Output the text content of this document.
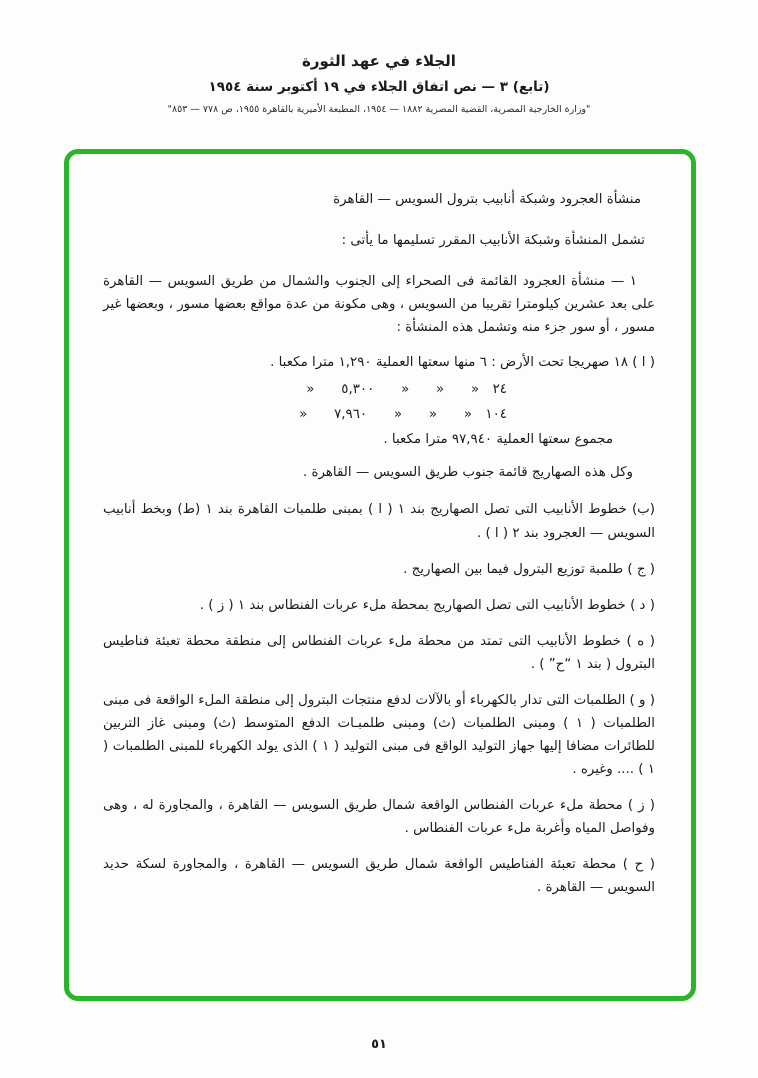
الجلاء في عهد الثورة
(تابع) ٣ — نص اتفاق الجلاء في ١٩ أكتوبر سنة ١٩٥٤
"وزارة الخارجية المصرية، القضية المصرية ١٨٨٢ — ١٩٥٤، المطبعة الأميرية بالقاهرة ١٩٥٥، ص ٧٧٨ — ٨٥٣"

منشأة العجرود وشبكة أنابيب بترول السويس — القاهرة

تشمل المنشأة وشبكة الأنابيب المقرر تسليمها ما يأتى :

١ — منشأة العجرود القائمة فى الصحراء إلى الجنوب والشمال من طريق السويس — القاهرة على بعد عشرين كيلومترا تقريبا من السويس ، وهى مكونة من عدة مواقع بعضها مسور ، وبعضها غير مسور ، أو سور جزء منه وتشمل هذه المنشأة :

( ا ) ١٨ صهريجا تحت الأرض : ٦ منها سعتها العملية ١,٢٩٠ مترا مكعبا .

٢٤ «  «  «  ٥,٣٠٠  «

١٠٤ «  «  «  ٧,٩٦٠  «

مجموع سعتها العملية ٩٧,٩٤٠ مترا مكعبا .

وكل هذه الصهاريج قائمة جنوب طريق السويس — القاهرة .

(ب) خطوط الأنابيب التى تصل الصهاريج بند ١ ( ا ) بمبنى طلمبات القاهرة بند ١ (ط) وبخط أنابيب السويس — العجرود بند ٢ ( ا ) .

( ج ) طلمبة توزيع البترول فيما بين الصهاريج .

( د ) خطوط الأنابيب التى تصل الصهاريج بمحطة ملء عربات الفنطاس بند ١ ( ز ) .

( ه ) خطوط الأنابيب التى تمتد من محطة ملء عربات الفنطاس إلى منطقة محطة تعبئة فناطيس البترول ( بند ١ “ح” ) .

( و ) الطلمبات التى تدار بالكهرباء أو بالآلات لدفع منتجات البترول إلى منطقة الملء الواقعة فى مبنى الطلمبات ( ١ ) ومبنى الطلمبات (ث) ومبنى طلمبـات الدفع المتوسط (ث) ومبنى غاز التربين للطائرات مضافا إليها جهاز التوليد الواقع فى مبنى التوليد ( ١ ) الذى يولد الكهرباء للمبنى الطلمبات ( ١ ) .... وغيره .

( ز ) محطة ملء عربات الفنطاس الواقعة شمال طريق السويس — القاهرة ، والمجاورة له ، وهى وفواصل المياه وأغربة ملء عربات الفنطاس .

( ح ) محطة تعبئة الفناطيس الواقعة شمال طريق السويس — القاهرة ، والمجاورة لسكة حديد السويس — القاهرة .

٥١
